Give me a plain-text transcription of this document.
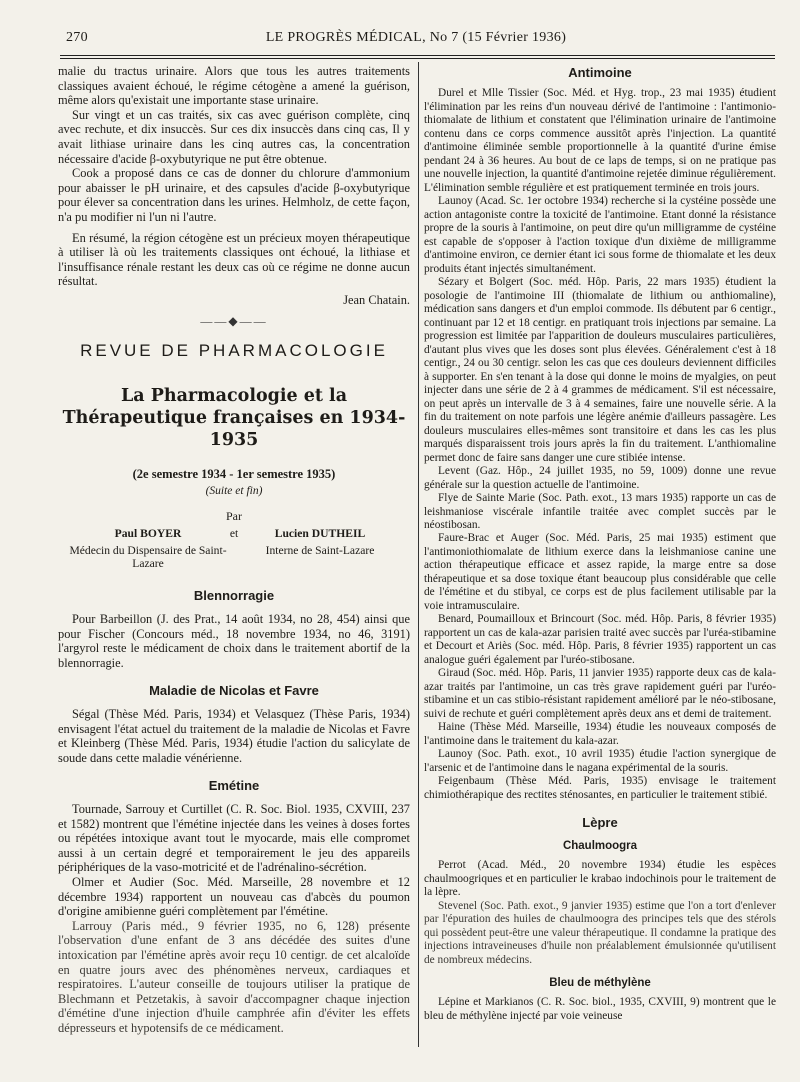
270	LE PROGRÈS MÉDICAL, No 7 (15 Février 1936)

malie du tractus urinaire. Alors que tous les autres traitements classiques avaient échoué, le régime cétogène a amené la guérison, même alors qu'existait une importante stase urinaire.

Sur vingt et un cas traités, six cas avec guérison complète, cinq avec rechute, et dix insuccès. Sur ces dix insuccès dans cinq cas, Il y avait lithiase urinaire dans les cinq autres cas, la concentration nécessaire d'acide β-oxybutyrique ne put être obtenue.

Cook a proposé dans ce cas de donner du chlorure d'ammonium pour abaisser le pH urinaire, et des capsules d'acide β-oxybutyrique pour élever sa concentration dans les urines. Helmholz, de cette façon, n'a pu modifier ni l'un ni l'autre.

En résumé, la région cétogène est un précieux moyen thérapeutique à utiliser là où les traitements classiques ont échoué, la lithiase et l'insuffisance rénale restant les deux cas où ce régime ne donne aucun résultat.

Jean Chatain.
——◆——
REVUE DE PHARMACOLOGIE
La Pharmacologie et la Thérapeutique françaises en 1934-1935
(2e semestre 1934 - 1er semestre 1935)
(Suite et fin)
Par
Paul BOYER
Médecin du Dispensaire de Saint-Lazare
et	Lucien DUTHEIL
Interne de Saint-Lazare
Blennorragie

Pour Barbeillon (J. des Prat., 14 août 1934, no 28, 454) ainsi que pour Fischer (Concours méd., 18 novembre 1934, no 46, 3191) l'argyrol reste le médicament de choix dans le traitement abortif de la blennorragie.

Maladie de Nicolas et Favre

Ségal (Thèse Méd. Paris, 1934) et Velasquez (Thèse Paris, 1934) envisagent l'état actuel du traitement de la maladie de Nicolas et Favre et Kleinberg (Thèse Méd. Paris, 1934) étudie l'action du salicylate de soude dans cette maladie vénérienne.

Emétine

Tournade, Sarrouy et Curtillet (C. R. Soc. Biol. 1935, CXVIII, 237 et 1582) montrent que l'émétine injectée dans les veines à doses fortes ou répétées intoxique avant tout le myocarde, mais elle compromet aussi à un certain degré et temporairement le jeu des appareils périphériques de la vaso-motricité et de l'adrénalino-sécrétion.

Olmer et Audier (Soc. Méd. Marseille, 28 novembre et 12 décembre 1934) rapportent un nouveau cas d'abcès du poumon d'origine amibienne guéri complètement par l'émétine.

Larrouy (Paris méd., 9 février 1935, no 6, 128) présente l'observation d'une enfant de 3 ans décédée des suites d'une intoxication par l'émétine après avoir reçu 10 centigr. de cet alcaloïde en quatre jours avec des phénomènes nerveux, cardiaques et respiratoires. L'auteur conseille de toujours utiliser la pratique de Blechmann et Petzetakis, à savoir d'accompagner chaque injection d'émétine d'une injection d'huile camphrée afin d'éviter les effets dépresseurs et hypotensifs de ce médicament.

Antimoine

Durel et Mlle Tissier (Soc. Méd. et Hyg. trop., 23 mai 1935) étudient l'élimination par les reins d'un nouveau dérivé de l'antimoine : l'antimonio-thiomalate de lithium et constatent que l'élimination urinaire de l'antimoine contenu dans ce corps commence aussitôt après l'injection. La quantité d'antimoine éliminée semble proportionnelle à la quantité d'urine émise pendant 24 à 36 heures. Au bout de ce laps de temps, si on ne pratique pas une nouvelle injection, la quantité d'antimoine rejetée diminue régulièrement. L'élimination semble régulière et est pratiquement terminée en trois jours.

Launoy (Acad. Sc. 1er octobre 1934) recherche si la cystéine possède une action antagoniste contre la toxicité de l'antimoine. Etant donné la résistance propre de la souris à l'antimoine, on peut dire qu'un milligramme de cystéine est capable de s'opposer à l'action toxique d'un dixième de milligramme d'antimoine environ, ce dernier étant ici sous forme de thiomalate et les deux produits étant injectés simultanément.

Sézary et Bolgert (Soc. méd. Hôp. Paris, 22 mars 1935) étudient la posologie de l'antimoine III (thiomalate de lithium ou anthiomaline), médication sans dangers et d'un emploi commode. Ils débutent par 6 centigr., continuant par 12 et 18 centigr. en pratiquant trois injections par semaine. La progression est limitée par l'apparition de douleurs musculaires particulières, d'autant plus vives que les doses sont plus élevées. Généralement c'est à 18 centigr., 24 ou 30 centigr. selon les cas que ces douleurs deviennent difficiles à supporter. En s'en tenant à la dose qui donne le moins de myalgies, on peut injecter dans une série de 2 à 4 grammes de médicament. S'il est nécessaire, on peut après un intervalle de 3 à 4 semaines, faire une nouvelle série. A la fin du traitement on note parfois une légère anémie d'ailleurs passagère. Les douleurs musculaires elles-mêmes sont transitoire et dans les cas les plus marqués disparaissent trois jours après la fin du traitement. L'anthiomaline permet donc de faire sans danger une cure stibiée intense.

Levent (Gaz. Hôp., 24 juillet 1935, no 59, 1009) donne une revue générale sur la question actuelle de l'antimoine.

Flye de Sainte Marie (Soc. Path. exot., 13 mars 1935) rapporte un cas de leishmaniose viscérale infantile traitée avec complet succès par le néostibosan.

Faure-Brac et Auger (Soc. Méd. Paris, 25 mai 1935) estiment que l'antimoniothiomalate de lithium exerce dans la leishmaniose canine une action thérapeutique efficace et assez rapide, la marge entre sa dose thérapeutique et sa dose toxique étant beaucoup plus considérable que celle de l'émétine et du stibyal, ce corps est de plus facilement utilisable par la voie intramusculaire.

Benard, Poumailloux et Brincourt (Soc. méd. Hôp. Paris, 8 février 1935) rapportent un cas de kala-azar parisien traité avec succès par l'uréa-stibamine et Decourt et Ariès (Soc. méd. Hôp. Paris, 8 février 1935) rapportent un cas analogue guéri également par l'uréo-stibosane.

Giraud (Soc. méd. Hôp. Paris, 11 janvier 1935) rapporte deux cas de kala-azar traités par l'antimoine, un cas très grave rapidement guéri par l'uréo-stibamine et un cas stibio-résistant rapidement amélioré par le néo-stibosane, suivi de rechute et guéri complètement après deux ans et demi de traitement.

Haine (Thèse Méd. Marseille, 1934) étudie les nouveaux composés de l'antimoine dans le traitement du kala-azar.

Launoy (Soc. Path. exot., 10 avril 1935) étudie l'action synergique de l'arsenic et de l'antimoine dans le nagana expérimental de la souris.

Feigenbaum (Thèse Méd. Paris, 1935) envisage le traitement chimiothérapique des rectites sténosantes, en particulier le traitement stibié.

Lèpre
Chaulmoogra

Perrot (Acad. Méd., 20 novembre 1934) étudie les espèces chaulmoogriques et en particulier le krabao indochinois pour le traitement de la lèpre.

Stevenel (Soc. Path. exot., 9 janvier 1935) estime que l'on a tort d'enlever par l'épuration des huiles de chaulmoogra des principes tels que des stérols qui possèdent peut-être une valeur thérapeutique. Il condamne la pratique des injections intraveineuses d'huile non préalablement émulsionnée qu'utilisent de nombreux médecins.

Bleu de méthylène

Lépine et Markianos (C. R. Soc. biol., 1935, CXVIII, 9) montrent que le bleu de méthylène injecté par voie veineuse
